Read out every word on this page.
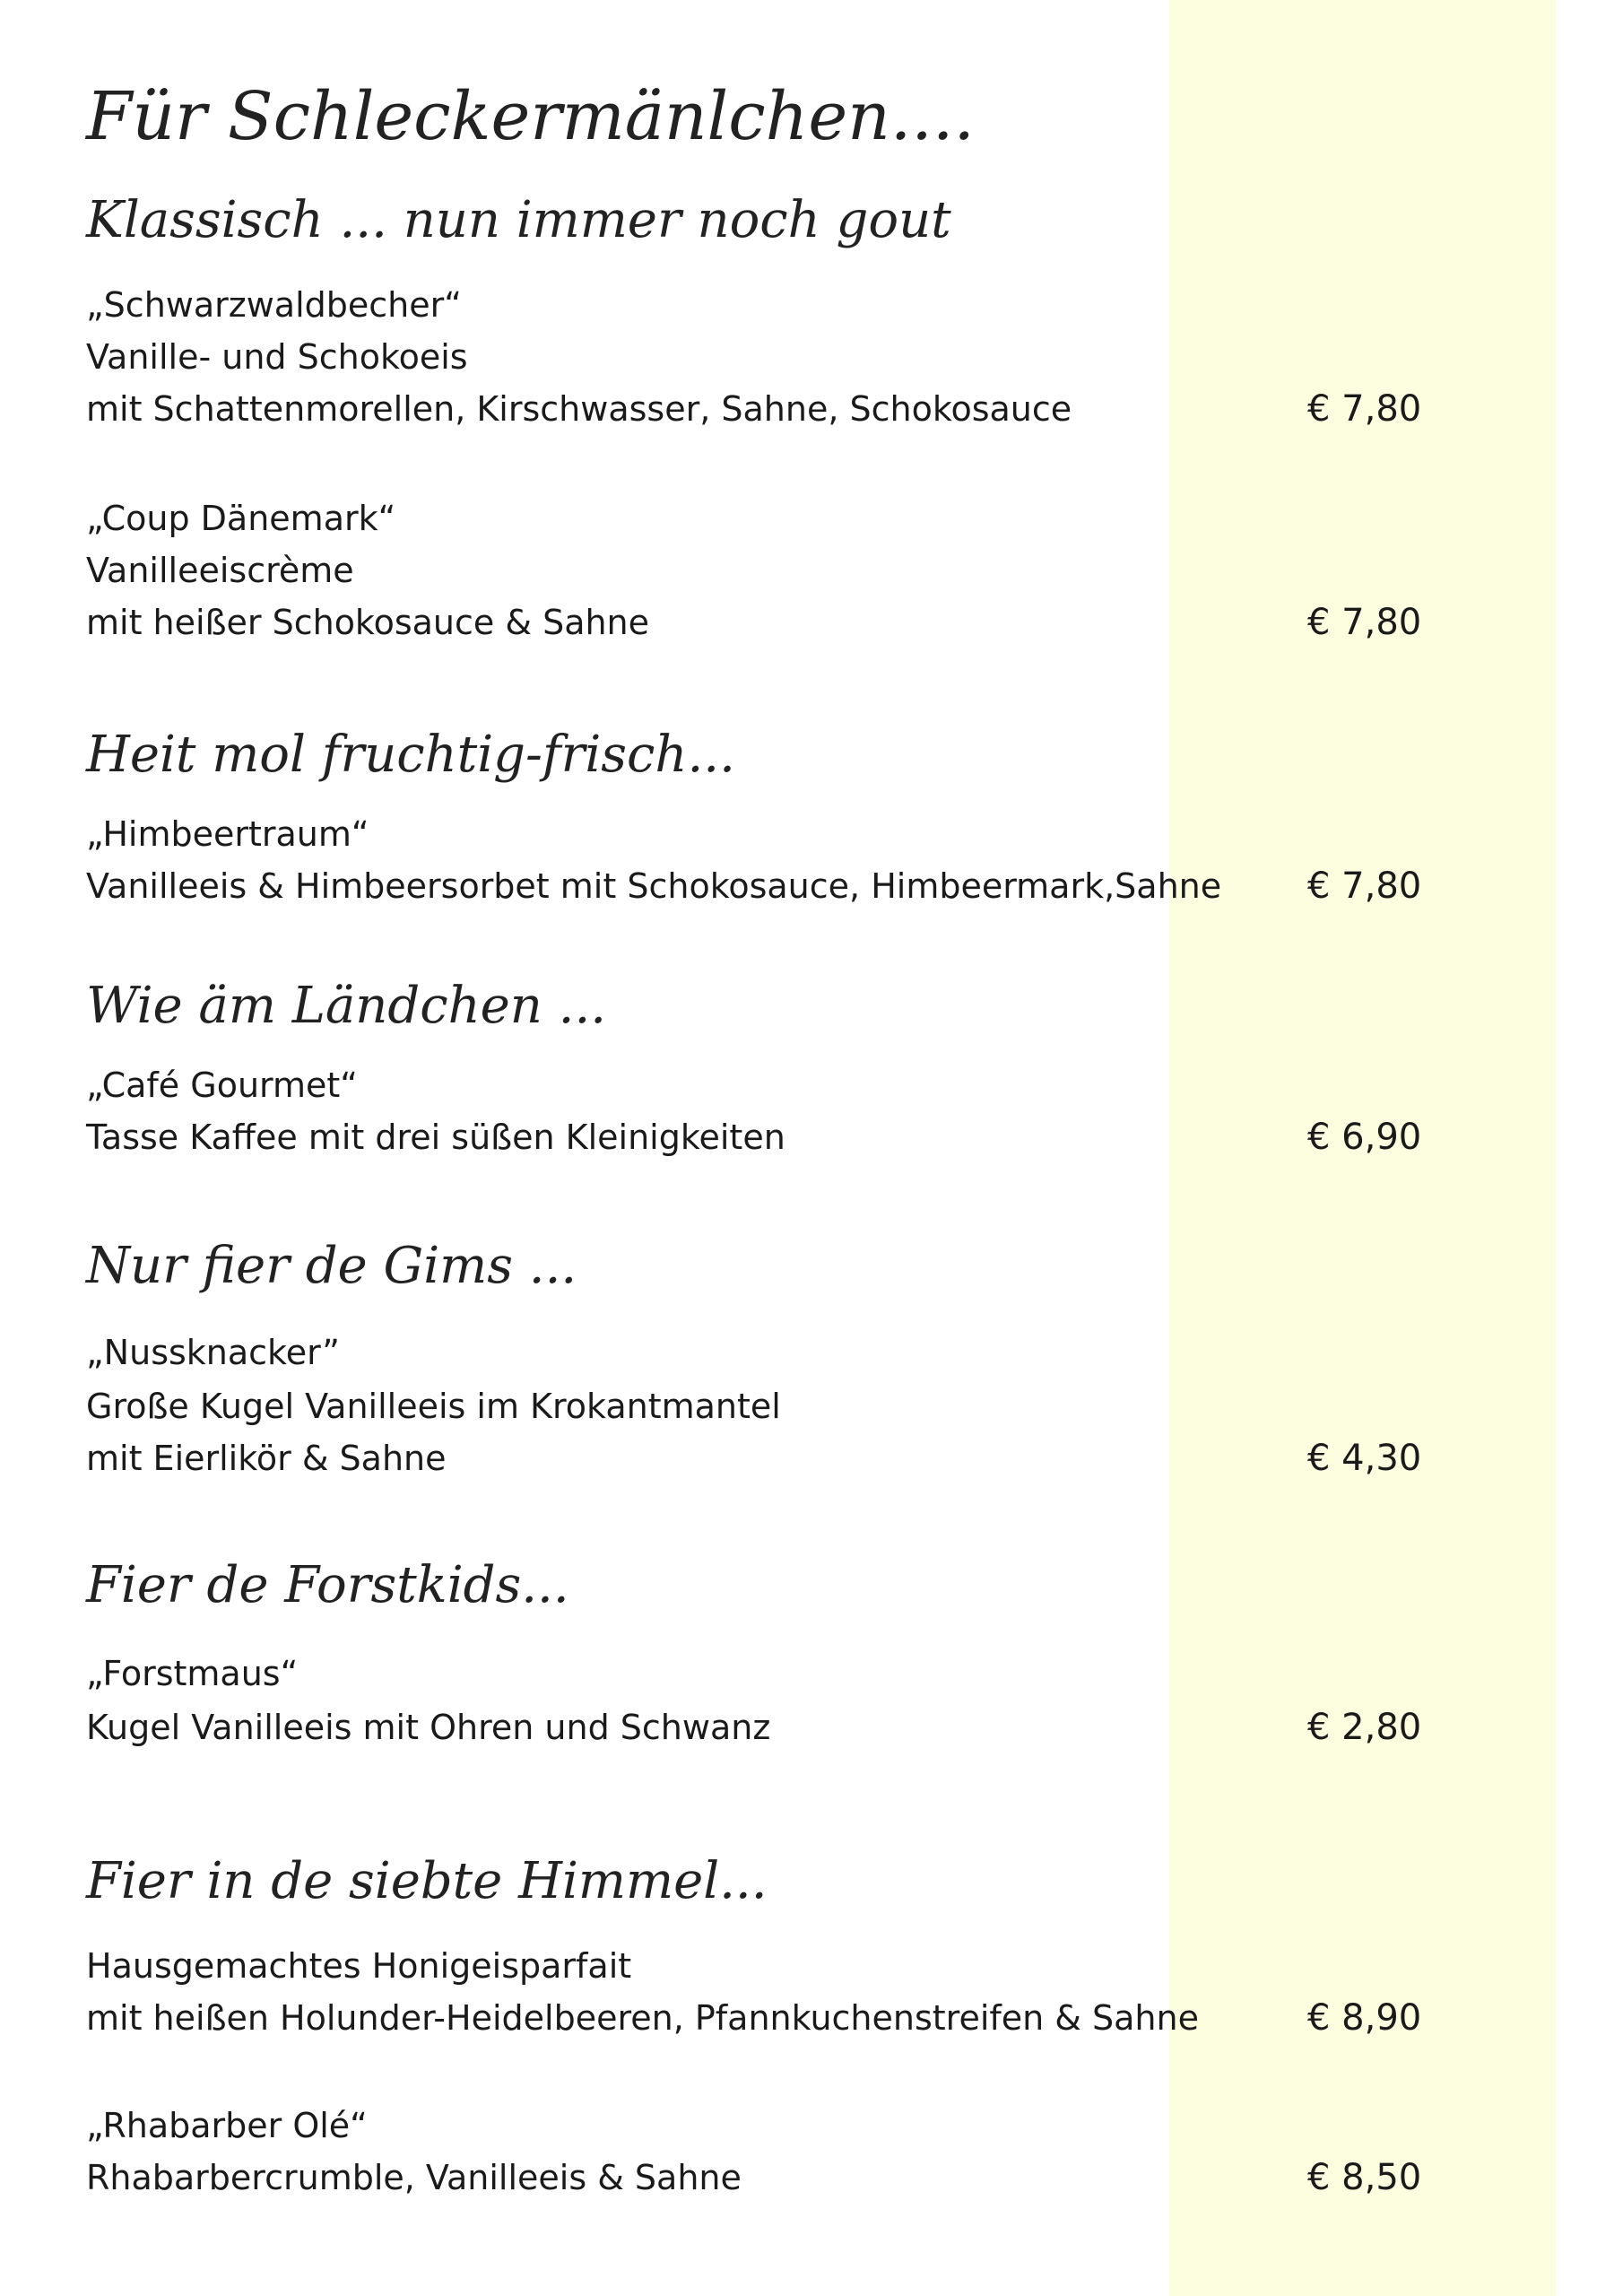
Für Schleckermänlchen....
Klassisch ... nun immer noch gout
„Schwarzwaldbecher“
Vanille- und Schokoeis
mit Schattenmorellen, Kirschwasser, Sahne, Schokosauce	€ 7,80
„Coup Dänemark“
Vanilleeiscrème
mit heißer Schokosauce & Sahne	€ 7,80
Heit mol fruchtig-frisch...
„Himbeertraum“
Vanilleeis & Himbeersorbet mit Schokosauce, Himbeermark,Sahne € 7,80
Wie äm Ländchen ...
„Café Gourmet“
Tasse Kaffee mit drei süßen Kleinigkeiten	€ 6,90
Nur fier de Gims ...
„Nussknacker”
Große Kugel Vanilleeis im Krokantmantel
mit Eierlikör & Sahne	€ 4,30
Fier de Forstkids...
„Forstmaus“
Kugel Vanilleeis mit Ohren und Schwanz	€ 2,80
Fier in de siebte Himmel...
Hausgemachtes Honigeisparfait
mit heißen Holunder-Heidelbeeren, Pfannkuchenstreifen & Sahne	€ 8,90
„Rhabarber Olé“
Rhabarbercrumble, Vanilleeis & Sahne	€ 8,50
